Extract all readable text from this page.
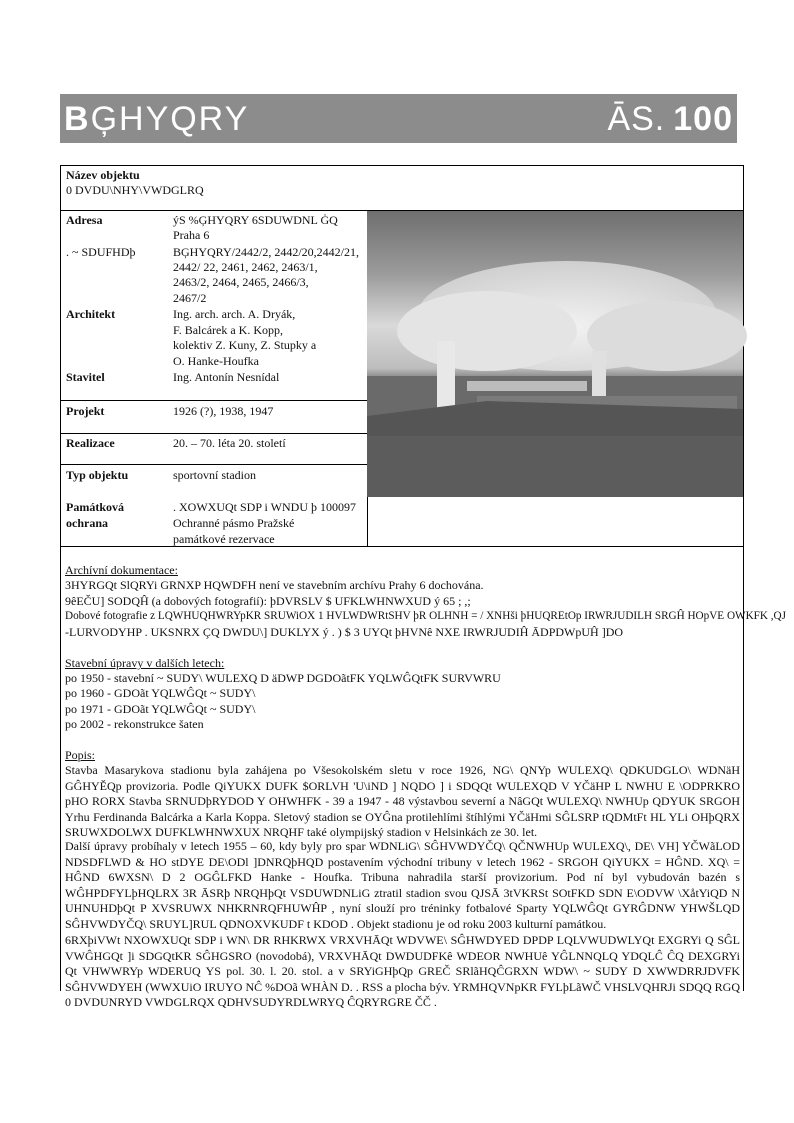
BĢHYQRY	ĀS. 100
Název objektu
0 DVDU\NHY\VWDGLRQ
Adresa	ýS %ĢHYQRY 6SDUWDNL ĠQ
Praha 6
. ~ SDUFHDþ	BĢHYQRY/2442/2, 2442/20,2442/21,
2442/ 22, 2461, 2462, 2463/1,
2463/2, 2464, 2465, 2466/3,
2467/2
Architekt	Ing. arch. arch. A. Dryák,
F. Balcárek a K. Kopp,
kolektiv Z. Kuny, Z. Stupky a
O. Hanke-Houfka
Stavitel	Ing. Antonín Nesnídal
Projekt	1926 (?), 1938, 1947
Realizace	20. – 70. léta 20. století
Typ objektu	sportovní stadion
Památková
ochrana
. XOWXUQt SDP i WNDU þ 100097
Ochranné pásmo Pražské
památkové rezervace
Archívní dokumentace:
3HYRGQt SlQRYi GRNXP HQWDFH není ve stavebním archívu Prahy 6 dochována.
9êEČU] SODQĤ (a dobových fotografií): þDVRSLV $ UFKLWHNWXUD ý 65 ; ,;
Dobové fotografie z LQWHUQHWRYpKR SRUWiOX 1 HVLWDWRtSHV þR OLHNH = / XNHši þHUQREtOp IRWRJUDILH SRGĤ HOpVE OWKFK ,QJ
-LURVODYHP . UKSNRX ÇQ DWDU\] DUKLYX ý . ) $ 3 UYQt þHVNê NXE IRWRJUDIĤ ĀDPDWpUĤ ]DO
Stavební úpravy v dalších letech:
po 1950 - stavební ~ SUDY\ WULEXQ D äDWP DGDOãtFK YQLWĜQtFK SURVWRU
po 1960 - GDOãt YQLWĜQt ~ SUDY\
po 1971 - GDOãt YQLWĜQt ~ SUDY\
po 2002 - rekonstrukce šaten
Popis:
Stavba Masarykova stadionu byla zahájena po Všesokolském sletu v roce 1926, NG\ QNYp WULEXQ\ QDKUDGLO\ WDNäH GĜHYĚQp provizoria. Podle QiYUKX DUFK $ORLVH 'U\iND ] NQDO ] i SDQQt WULEXQD V YČäHP L NWHU E \ODPRKRO pHO RORX Stavba SRNUDþRYDOD Y OHWHFK - 39 a 1947 - 48 výstavbou severní a NâGQt WULEXQ\ NWHUp QDYUK SRGOH Yrhu Ferdinanda Balcárka a Karla Koppa. Sletový stadion se OYĜna protilehlími štíhlými YČäHmi SĜLSRP tQDMtFt HL YLi OHþQRX SRUWXDOLWX DUFKLWHNWXUX NRQHF také olympijský stadion v Helsinkách ze 30. let.
Další úpravy probíhaly v letech 1955 – 60, kdy byly pro spar WDNLiG\ SĜHVWDYČQ\ QČNWHUp WULEXQ\, DE\ VH] YČWãLOD NDSDFLWD & HO stDYE DE\ODl ]DNRQþHQD postavením východní tribuny v letech 1962 - SRGOH QiYUKX = HĜND. XQ\ = HĜND 6WXSN\ D 2 OGĜLFKD Hanke - Houfka. Tribuna nahradila starší provizorium. Pod ní byl vybudován bazén s WĜHPDFYLþHQLRX 3R ĀSRþ NRQHþQt VSDUWDNLiG ztratil stadion svou QJSĀ 3tVKRSt SOtFKD SDN E\ODVW \XåtYiQD N UHNUHDþQt P XVSRUWX NHKRNRQFHUWĤP , nyní slouží pro tréninky fotbalové Sparty YQLWĜQt GYRĜDNW YHWŠLQD SĜHVWDYČQ\ SRUYL]RUL QDNOXVKUDF t KDOD . Objekt stadionu je od roku 2003 kulturní památkou.
6RXþiVWt NXOWXUQt SDP i WN\ DR RHKRWX VRXVHĀQt WDVWE\ SĜHWDYED DPDP LQLVWUDWLYQt EXGRYi Q SĜL VWĜHGQt ]i SDGQtKR SĜHGSRO (novodobá), VRXVHĀQt DWDUDFKê WDEOR NWHUê YĜLNNQLQ YDQLĈ ĈQ DEXGRYi Qt VHWWRYp WDERUQ YS pol. 30. l. 20. stol. a v SRYiGHþQp GREČ SRlãHQĈGRXN WDW\ ~ SUDY D XWWDRRJDVFK SĜHVWDYEH (WWXUiO IRUYO NĈ %DOã WHÀN D. . RSS a plocha býv. YRMHQVNpKR FYLþLãWČ VHSLVQHRJi SDQQ RGQ 0 DVDUNRYD VWDGLRQX QDHVSUDYRDLWRYQ ĈQRYRGRE ČČ .
